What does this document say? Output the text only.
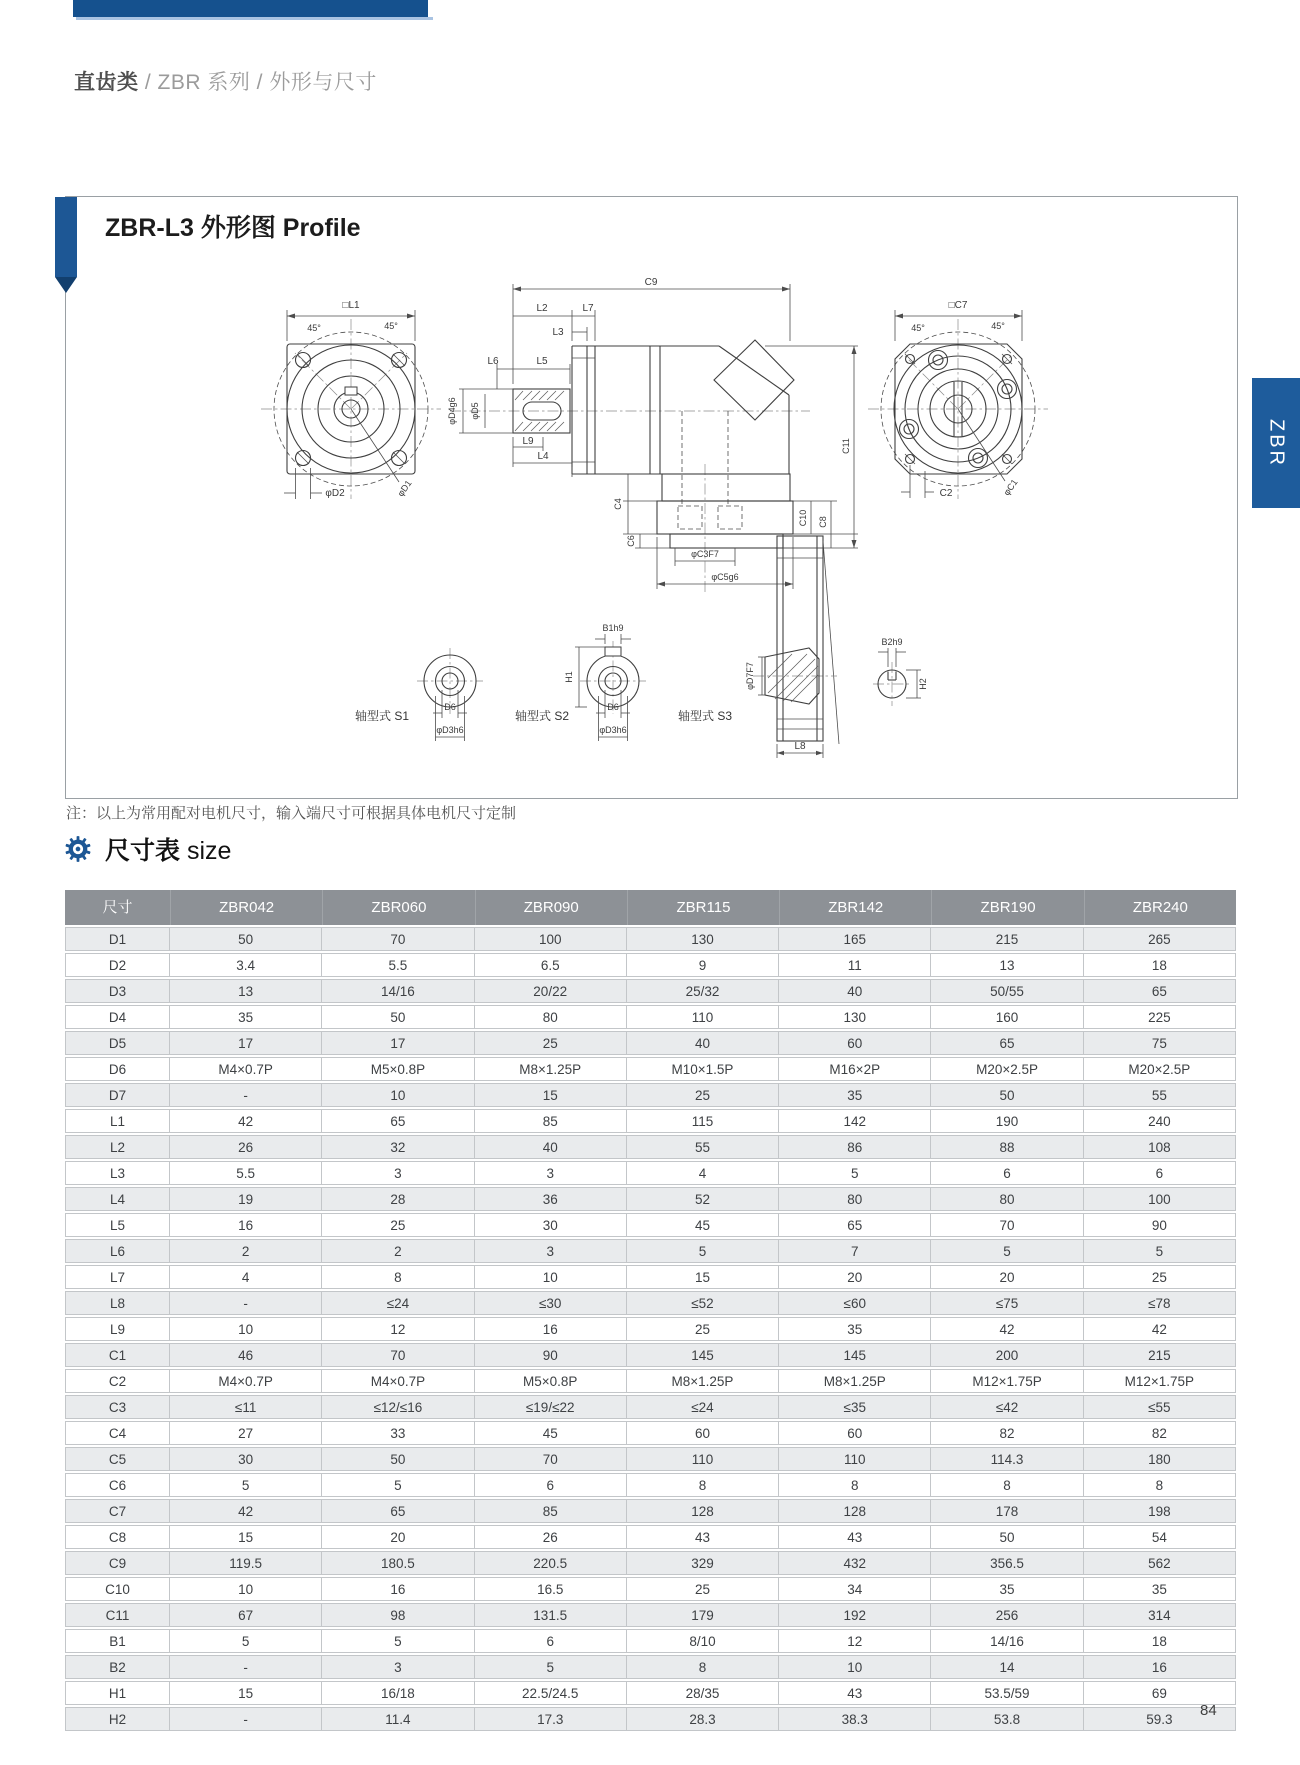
直齿类 / ZBR 系列 / 外形与尺寸
ZBR-L3 外形图 Profile
□L1
45°	45°
φD2	φD1
C9
L2	L7
L3
φD4g6 φD5
L6	L5
L9
L4
φC3F7
φC5g6
C4
C6
C10 C8
C11
□C7
45°	45°
C2	φC1
D6
φD3h6
轴型式 S1
B1h9
H1
D6
φD3h6
轴型式 S2	轴型式 S3
φD7F7
L8
B2h9
H2
注：以上为常用配对电机尺寸，输入端尺寸可根据具体电机尺寸定制
尺寸表 size
尺寸	ZBR042	ZBR060	ZBR090	ZBR115	ZBR142	ZBR190	ZBR240
D1	50	70	100	130	165	215	265
D2	3.4	5.5	6.5	9	11	13	18
D3	13	14/16	20/22	25/32	40	50/55	65
D4	35	50	80	110	130	160	225
D5	17	17	25	40	60	65	75
D6	M4×0.7P	M5×0.8P	M8×1.25P	M10×1.5P	M16×2P	M20×2.5P	M20×2.5P
D7	-	10	15	25	35	50	55
L1	42	65	85	115	142	190	240
L2	26	32	40	55	86	88	108
L3	5.5	3	3	4	5	6	6
L4	19	28	36	52	80	80	100
L5	16	25	30	45	65	70	90
L6	2	2	3	5	7	5	5
L7	4	8	10	15	20	20	25
L8	-	≤24	≤30	≤52	≤60	≤75	≤78
L9	10	12	16	25	35	42	42
C1	46	70	90	145	145	200	215
C2	M4×0.7P	M4×0.7P	M5×0.8P	M8×1.25P	M8×1.25P	M12×1.75P	M12×1.75P
C3	≤11	≤12/≤16	≤19/≤22	≤24	≤35	≤42	≤55
C4	27	33	45	60	60	82	82
C5	30	50	70	110	110	114.3	180
C6	5	5	6	8	8	8	8
C7	42	65	85	128	128	178	198
C8	15	20	26	43	43	50	54
C9	119.5	180.5	220.5	329	432	356.5	562
C10	10	16	16.5	25	34	35	35
C11	67	98	131.5	179	192	256	314
B1	5	5	6	8/10	12	14/16	18
B2	-	3	5	8	10	14	16
H1	15	16/18	22.5/24.5	28/35	43	53.5/59	69
H2	-	11.4	17.3	28.3	38.3	53.8	59.3
ZBR
84
